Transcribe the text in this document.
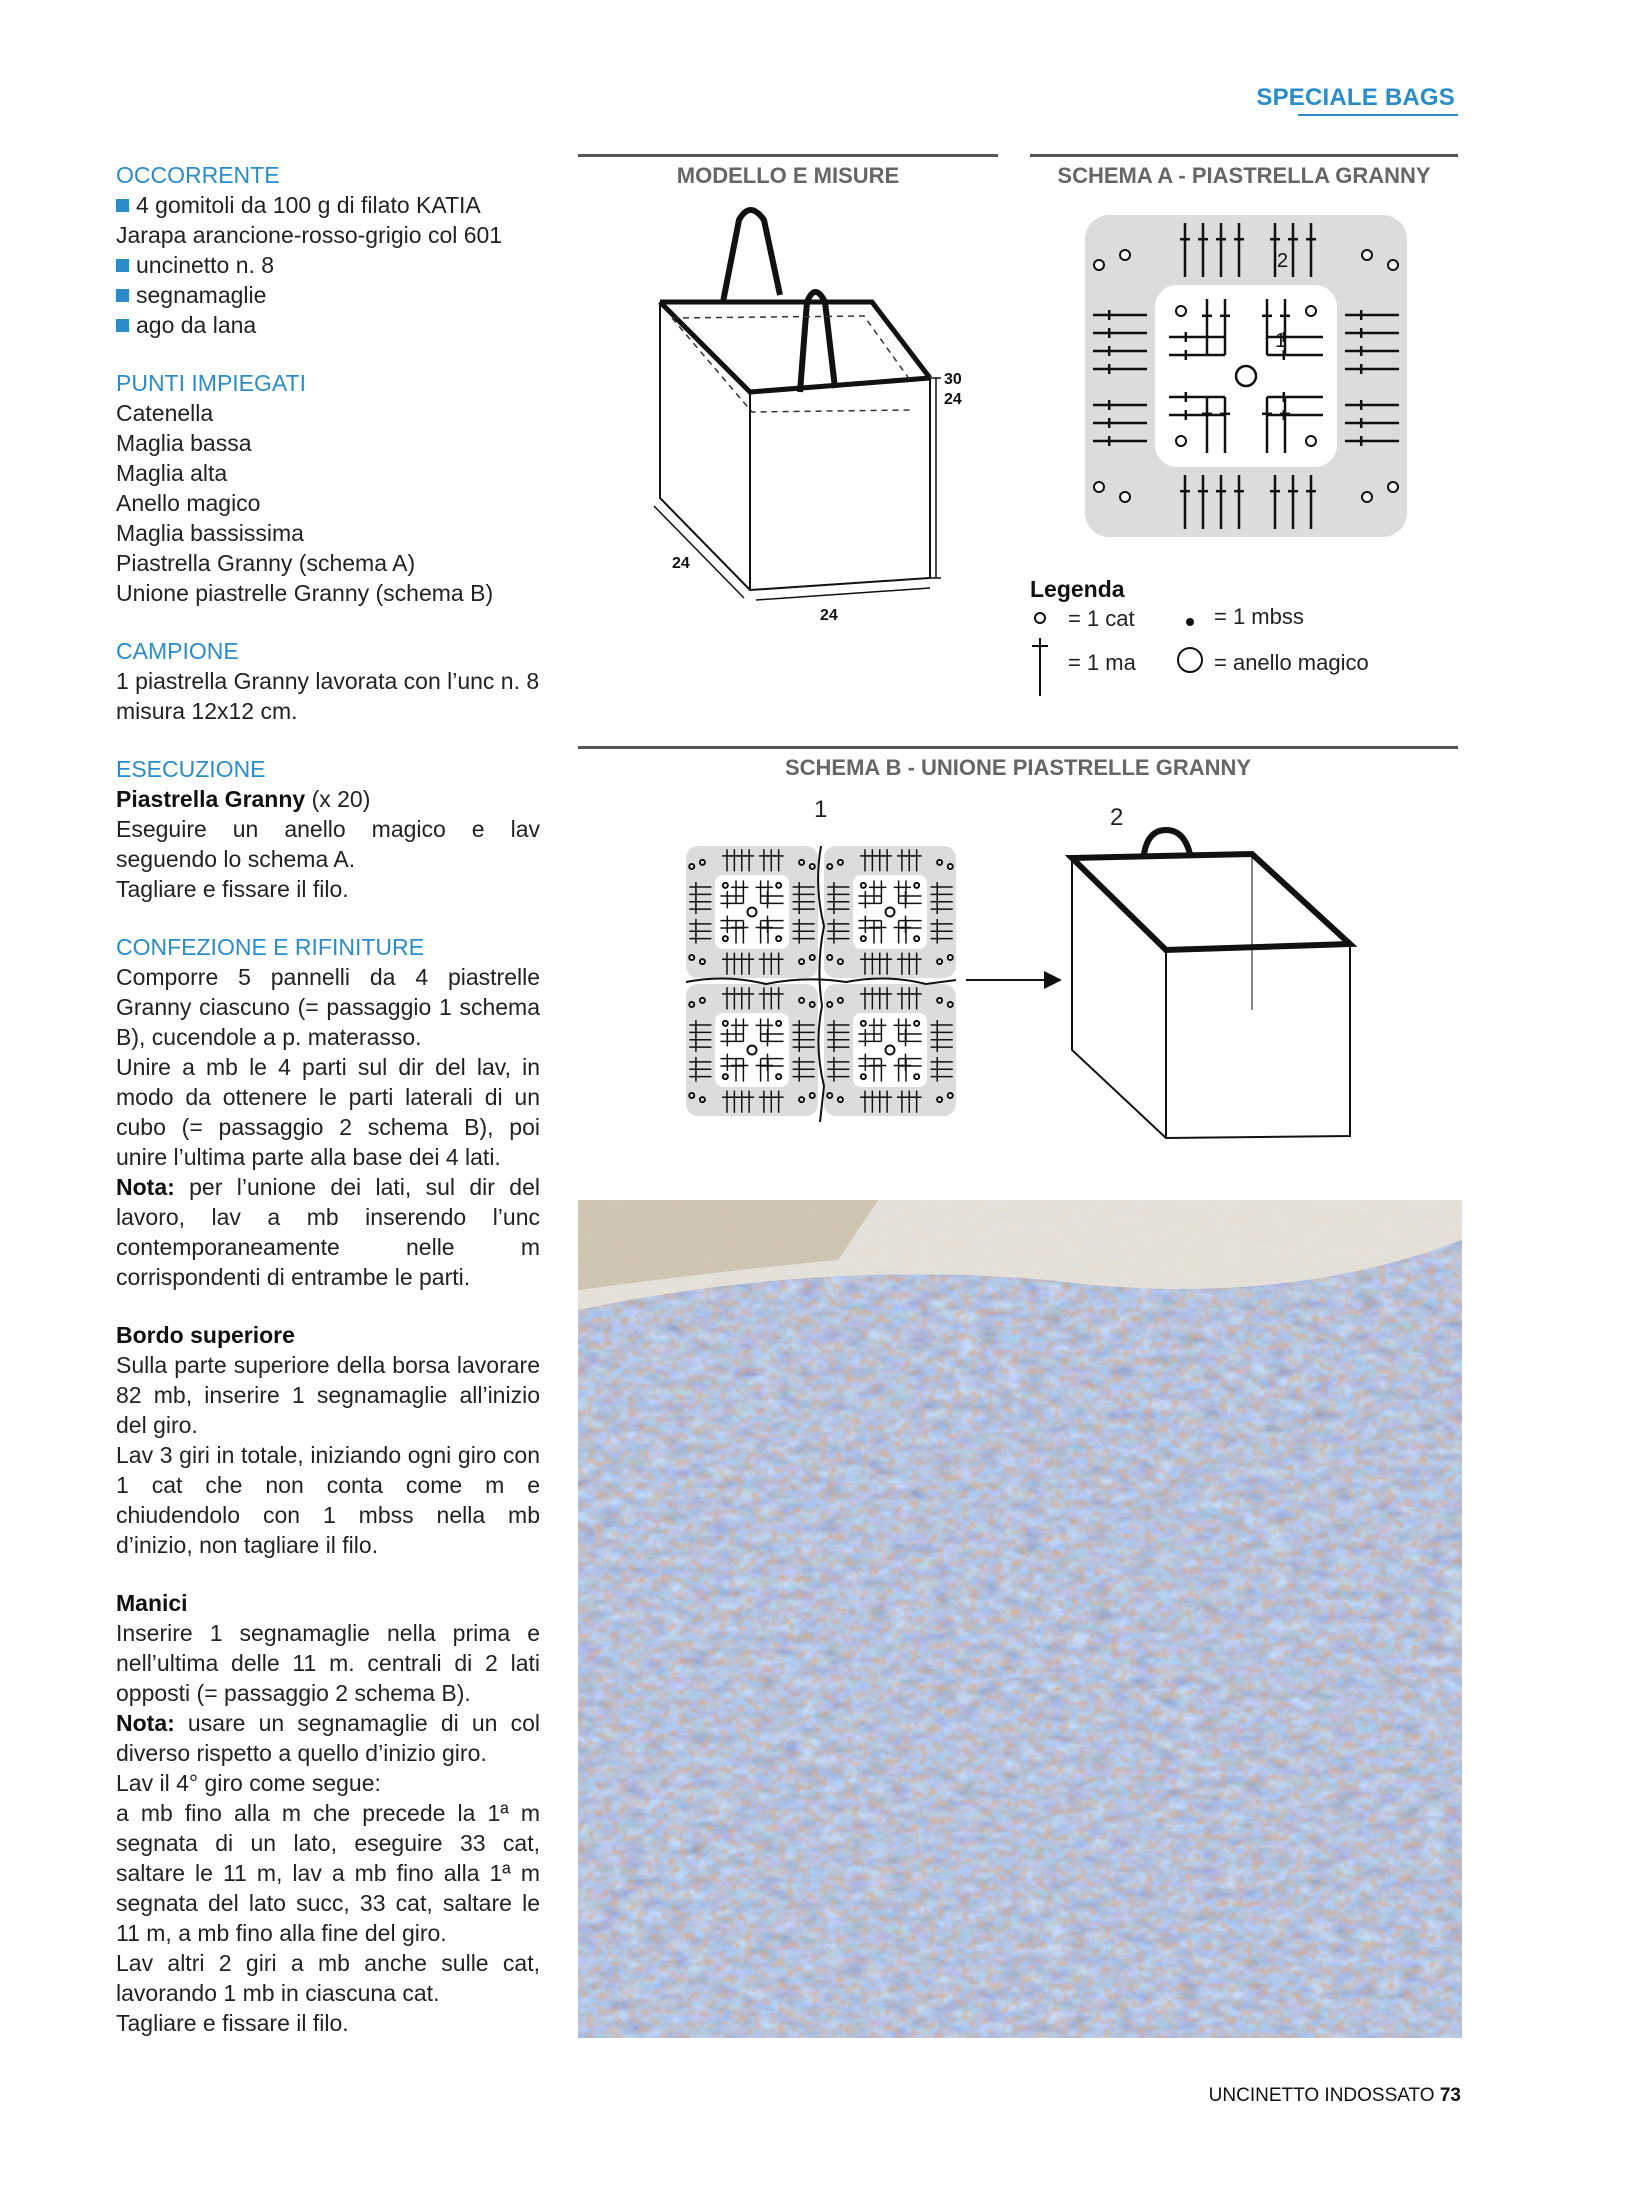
SPECIALE BAGS
OCCORRENTE

4 gomitoli da 100 g di filato KATIA Jarapa arancione-rosso-grigio col 601

uncinetto n. 8

segnamaglie

ago da lana

PUNTI IMPIEGATI

Catenella

Maglia bassa

Maglia alta

Anello magico

Maglia bassissima

Piastrella Granny (schema A)

Unione piastrelle Granny (schema B)

CAMPIONE

1 piastrella Granny lavorata con l’unc n. 8 misura 12x12 cm.

ESECUZIONE

Piastrella Granny (x 20)

Eseguire un anello magico e lav seguendo lo schema A.

Tagliare e fissare il filo.

CONFEZIONE E RIFINITURE

Comporre 5 pannelli da 4 piastrelle Granny ciascuno (= passaggio 1 schema B), cucendole a p. materasso.

Unire a mb le 4 parti sul dir del lav, in modo da ottenere le parti laterali di un cubo (= passaggio 2 schema B), poi unire l’ultima parte alla base dei 4 lati.

Nota: per l’unione dei lati, sul dir del lavoro, lav a mb inserendo l’unc contemporaneamente nelle m corrispondenti di entrambe le parti.

Bordo superiore

Sulla parte superiore della borsa lavorare 82 mb, inserire 1 segnamaglie all’inizio del giro.

Lav 3 giri in totale, iniziando ogni giro con 1 cat che non conta come m e chiudendolo con 1 mbss nella mb d’inizio, non tagliare il filo.

Manici

Inserire 1 segnamaglie nella prima e nell’ultima delle 11 m. centrali di 2 lati opposti (= passaggio 2 schema B).

Nota: usare un segnamaglie di un col diverso rispetto a quello d’inizio giro.

Lav il 4° giro come segue:

a mb fino alla m che precede la 1ª m segnata di un lato, eseguire 33 cat, saltare le 11 m, lav a mb fino alla 1ª m segnata del lato succ, 33 cat, saltare le 11 m, a mb fino alla fine del giro.

Lav altri 2 giri a mb anche sulle cat, lavorando 1 mb in ciascuna cat.

Tagliare e fissare il filo.

MODELLO E MISURE
30
24
24
24
SCHEMA A - PIASTRELLA GRANNY
1
2
Legenda
= 1 cat
= 1 ma
= 1 mbss
= anello magico
SCHEMA B - UNIONE PIASTRELLE GRANNY
1	2
UNCINETTO INDOSSATO 73
